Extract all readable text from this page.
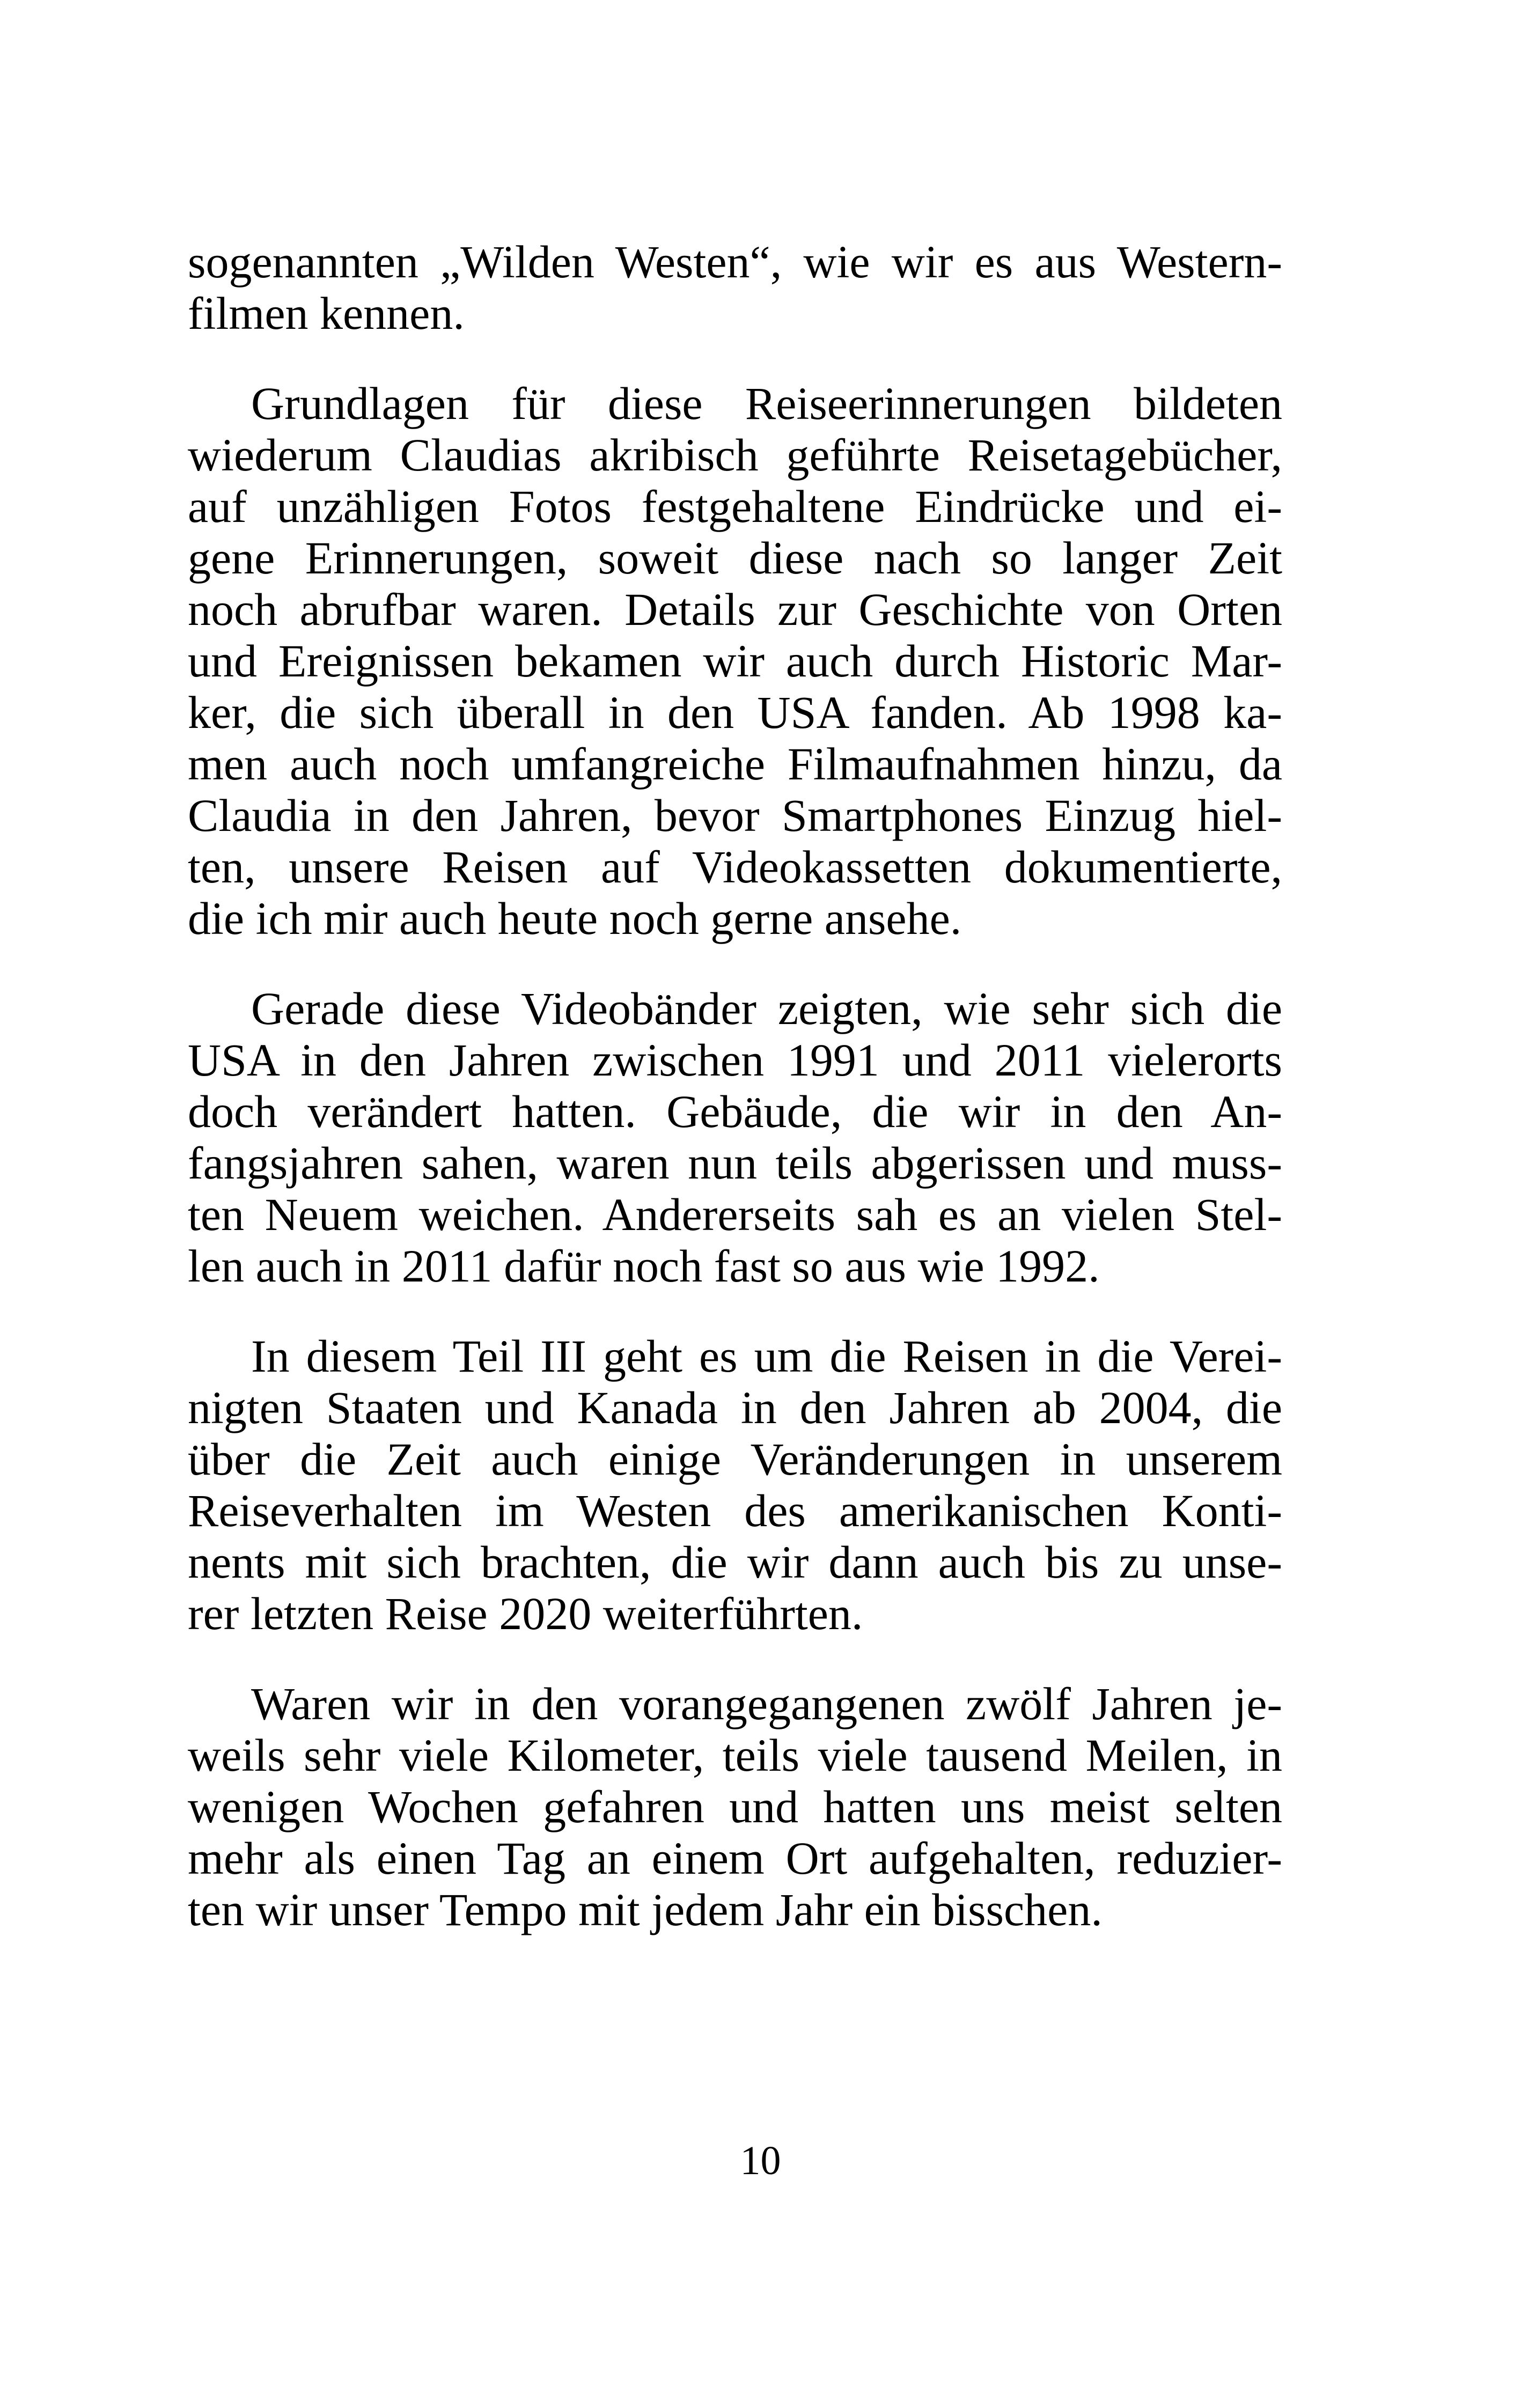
sogenannten „Wilden Westen“, wie wir es aus Western-
filmen kennen.
Grundlagen für diese Reiseerinnerungen bildeten
wiederum Claudias akribisch geführte Reisetagebücher,
auf unzähligen Fotos festgehaltene Eindrücke und ei-
gene Erinnerungen, soweit diese nach so langer Zeit
noch abrufbar waren. Details zur Geschichte von Orten
und Ereignissen bekamen wir auch durch Historic Mar-
ker, die sich überall in den USA fanden. Ab 1998 ka-
men auch noch umfangreiche Filmaufnahmen hinzu, da
Claudia in den Jahren, bevor Smartphones Einzug hiel-
ten, unsere Reisen auf Videokassetten dokumentierte,
die ich mir auch heute noch gerne ansehe.
Gerade diese Videobänder zeigten, wie sehr sich die
USA in den Jahren zwischen 1991 und 2011 vielerorts
doch verändert hatten. Gebäude, die wir in den An-
fangsjahren sahen, waren nun teils abgerissen und muss-
ten Neuem weichen. Andererseits sah es an vielen Stel-
len auch in 2011 dafür noch fast so aus wie 1992.
In diesem Teil III geht es um die Reisen in die Verei-
nigten Staaten und Kanada in den Jahren ab 2004, die
über die Zeit auch einige Veränderungen in unserem
Reiseverhalten im Westen des amerikanischen Konti-
nents mit sich brachten, die wir dann auch bis zu unse-
rer letzten Reise 2020 weiterführten.
Waren wir in den vorangegangenen zwölf Jahren je-
weils sehr viele Kilometer, teils viele tausend Meilen, in
wenigen Wochen gefahren und hatten uns meist selten
mehr als einen Tag an einem Ort aufgehalten, reduzier-
ten wir unser Tempo mit jedem Jahr ein bisschen.
10
